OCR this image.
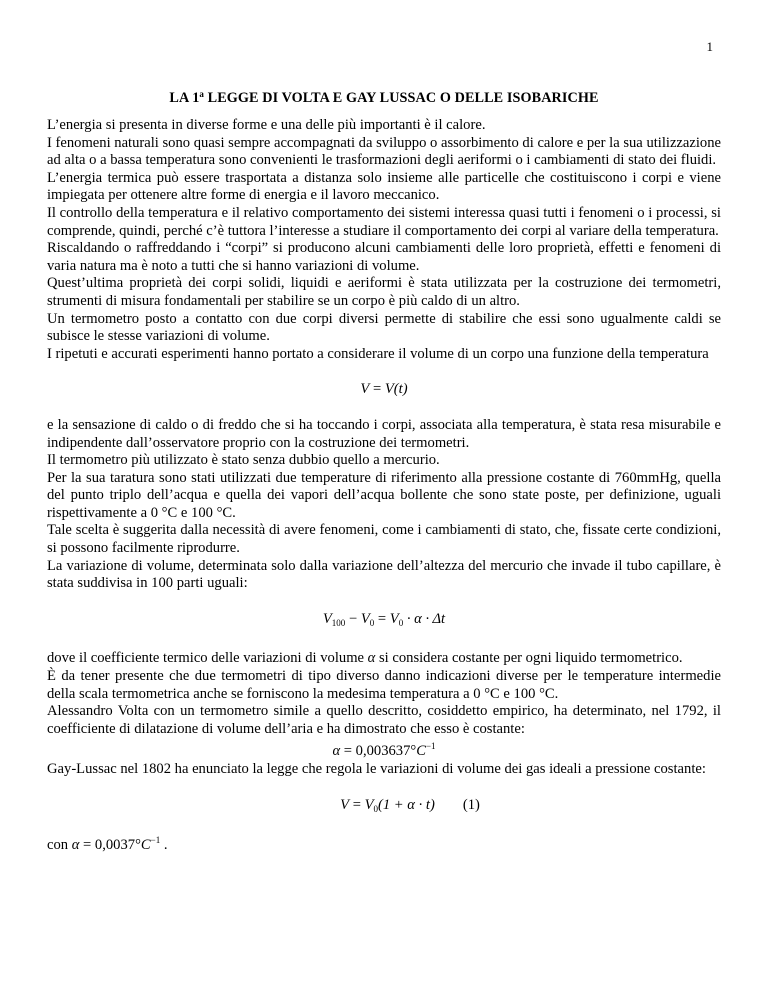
1
LA 1$^a$ LEGGE DI VOLTA E GAY LUSSAC O DELLE ISOBARICHE

L’energia si presenta in diverse forme e una delle più importanti è il calore.

I fenomeni naturali sono quasi sempre accompagnati da sviluppo o assorbimento di calore e per la sua utilizzazione ad alta o a bassa temperatura sono convenienti le trasformazioni degli aeriformi o i cambiamenti di stato dei fluidi.

L’energia termica può essere trasportata a distanza solo insieme alle particelle che costituiscono i corpi e viene impiegata per ottenere altre forme di energia e il lavoro meccanico.

Il controllo della temperatura e il relativo comportamento dei sistemi interessa quasi tutti i fenomeni o i processi, si comprende, quindi, perché c’è tuttora l’interesse a studiare il comportamento dei corpi al variare della temperatura.

Riscaldando o raffreddando i “corpi” si producono alcuni cambiamenti delle loro proprietà, effetti e fenomeni di varia natura ma è noto a tutti che si hanno variazioni di volume.

Quest’ultima proprietà dei corpi solidi, liquidi e aeriformi è stata utilizzata per la costruzione dei termometri, strumenti di misura fondamentali per stabilire se un corpo è più caldo di un altro.

Un termometro posto a contatto con due corpi diversi permette di stabilire che essi sono ugualmente caldi se subisce le stesse variazioni di volume.

I ripetuti e accurati esperimenti hanno portato a considerare il volume di un corpo una funzione della temperatura

V = V(t)

e la sensazione di caldo o di freddo che si ha toccando i corpi, associata alla temperatura, è stata resa misurabile e indipendente dall’osservatore proprio con la costruzione dei termometri.

Il termometro più utilizzato è stato senza dubbio quello a mercurio.

Per la sua taratura sono stati utilizzati due temperature di riferimento alla pressione costante di 760mmHg, quella del punto triplo dell’acqua e quella dei vapori dell’acqua bollente che sono state poste, per definizione, uguali rispettivamente a 0 °C e 100 °C.

Tale scelta è suggerita dalla necessità di avere fenomeni, come i cambiamenti di stato, che, fissate certe condizioni, si possono facilmente riprodurre.

La variazione di volume, determinata solo dalla variazione dell’altezza del mercurio che invade il tubo capillare, è stata suddivisa in 100 parti uguali:

$V_{100} - V_0 = V_0 \cdot \alpha \cdot \Delta t$

dove il coefficiente termico delle variazioni di volume α si considera costante per ogni liquido termometrico.

È da tener presente che due termometri di tipo diverso danno indicazioni diverse per le temperature intermedie della scala termometrica anche se forniscono la medesima temperatura a 0 °C e 100 °C.

Alessandro Volta con un termometro simile a quello descritto, cosiddetto empirico, ha determinato, nel 1792, il coefficiente di dilatazione di volume dell’aria e ha dimostrato che esso è costante:

$\alpha = 0,003637^\circ C^{-1}$

Gay-Lussac nel 1802 ha enunciato la legge che regola le variazioni di volume dei gas ideali a pressione costante:

$V = V_0(1 + \alpha \cdot t)$ (1)

con $\alpha = 0,0037^\circ C^{-1}$ .
